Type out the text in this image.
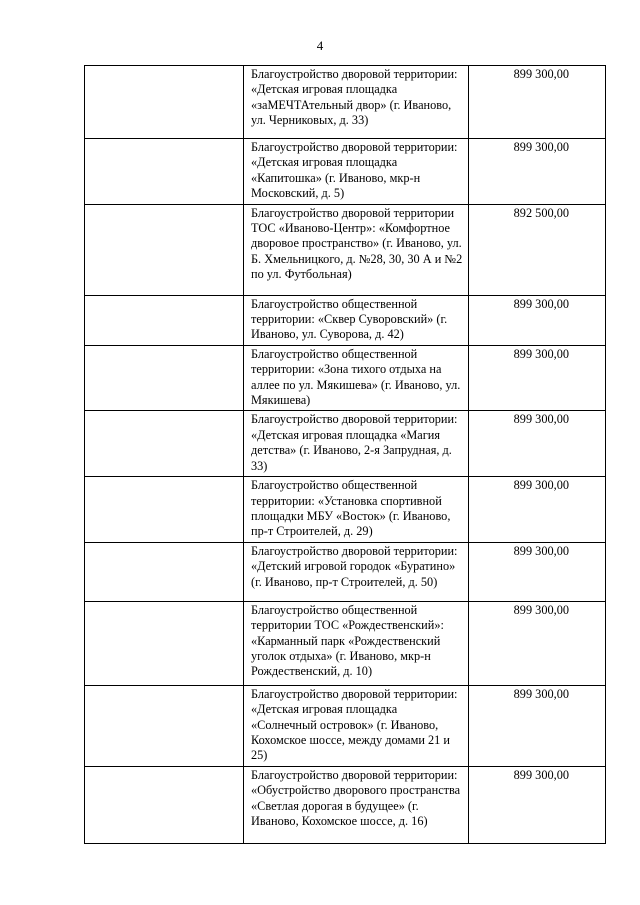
4

	Благоустройство дворовой территории: «Детская игровая площадка «заМЕЧТАтельный двор» (г. Иваново, ул. Черниковых, д. 33)	899 300,00

	Благоустройство дворовой территории: «Детская игровая площадка «Капитошка» (г. Иваново, мкр-н Московский, д. 5)	899 300,00

	Благоустройство дворовой территории ТОС «Иваново-Центр»: «Комфортное дворовое пространство» (г. Иваново, ул. Б. Хмельницкого, д. №28, 30, 30 А и №2 по ул. Футбольная)	892 500,00

	Благоустройство общественной территории: «Сквер Суворовский» (г. Иваново, ул. Суворова, д. 42)	899 300,00

	Благоустройство общественной территории: «Зона тихого отдыха на аллее по ул. Мякишева» (г. Иваново, ул. Мякишева)	899 300,00

	Благоустройство дворовой территории: «Детская игровая площадка «Магия детства» (г. Иваново, 2-я Запрудная, д. 33)	899 300,00

	Благоустройство общественной территории: «Установка спортивной площадки МБУ «Восток» (г. Иваново, пр-т Строителей, д. 29)	899 300,00

	Благоустройство дворовой территории: «Детский игровой городок «Буратино» (г. Иваново, пр-т Строителей, д. 50)	899 300,00

	Благоустройство общественной территории ТОС «Рождественский»: «Карманный парк «Рождественский уголок отдыха» (г. Иваново, мкр-н Рождественский, д. 10)	899 300,00

	Благоустройство дворовой территории: «Детская игровая площадка «Солнечный островок» (г. Иваново, Кохомское шоссе, между домами 21 и 25)	899 300,00

	Благоустройство дворовой территории: «Обустройство дворового пространства «Светлая дорогая в будущее» (г. Иваново, Кохомское шоссе, д. 16)	899 300,00
